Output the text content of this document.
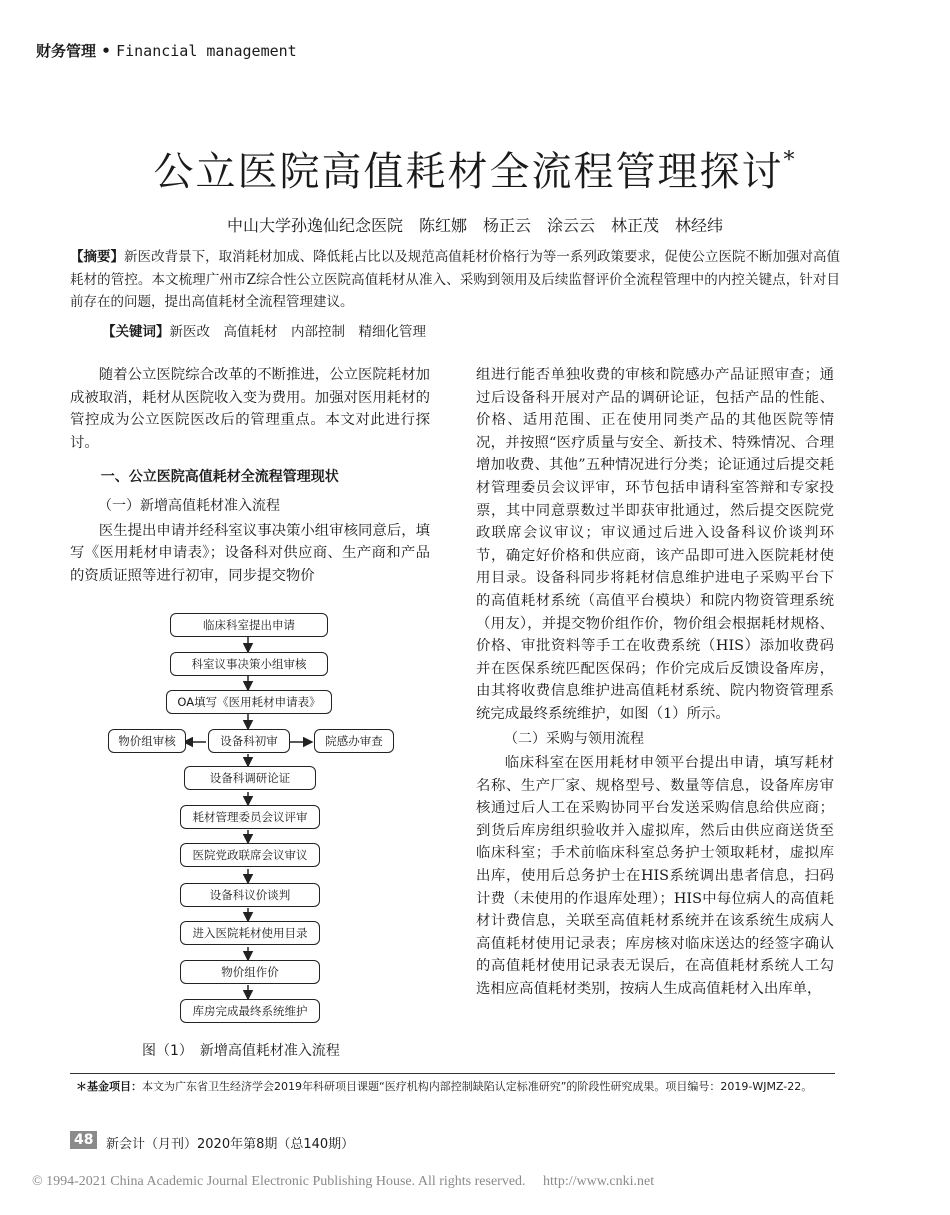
财务管理 • Financial management
公立医院高值耗材全流程管理探讨*
中山大学孙逸仙纪念医院　陈红娜　杨正云　涂云云　林正茂　林经纬
【摘要】新医改背景下，取消耗材加成、降低耗占比以及规范高值耗材价格行为等一系列政策要求，促使公立医院不断加强对高值耗材的管控。本文梳理广州市Z综合性公立医院高值耗材从准入、采购到领用及后续监督评价全流程管理中的内控关键点，针对目前存在的问题，提出高值耗材全流程管理建议。
【关键词】新医改　高值耗材　内部控制　精细化管理

随着公立医院综合改革的不断推进，公立医院耗材加成被取消，耗材从医院收入变为费用。加强对医用耗材的管控成为公立医院医改后的管理重点。本文对此进行探讨。

一、公立医院高值耗材全流程管理现状

（一）新增高值耗材准入流程

医生提出申请并经科室议事决策小组审核同意后，填写《医用耗材申请表》；设备科对供应商、生产商和产品的资质证照等进行初审，同步提交物价

临床科室提出申请
科室议事决策小组审核
OA填写《医用耗材申请表》
设备科初审
物价组审核	院感办审查
设备科调研论证
耗材管理委员会议评审
医院党政联席会议审议
设备科议价谈判
进入医院耗材使用目录
物价组作价
库房完成最终系统维护
图（1）　新增高值耗材准入流程

组进行能否单独收费的审核和院感办产品证照审查；通过后设备科开展对产品的调研论证，包括产品的性能、价格、适用范围、正在使用同类产品的其他医院等情况，并按照“医疗质量与安全、新技术、特殊情况、合理增加收费、其他”五种情况进行分类；论证通过后提交耗材管理委员会议评审，环节包括申请科室答辩和专家投票，其中同意票数过半即获审批通过，然后提交医院党政联席会议审议；审议通过后进入设备科议价谈判环节，确定好价格和供应商，该产品即可进入医院耗材使用目录。设备科同步将耗材信息维护进电子采购平台下的高值耗材系统（高值平台模块）和院内物资管理系统（用友），并提交物价组作价，物价组会根据耗材规格、价格、审批资料等手工在收费系统（HIS）添加收费码并在医保系统匹配医保码；作价完成后反馈设备库房，由其将收费信息维护进高值耗材系统、院内物资管理系统完成最终系统维护，如图（1）所示。

（二）采购与领用流程

临床科室在医用耗材申领平台提出申请，填写耗材名称、生产厂家、规格型号、数量等信息，设备库房审核通过后人工在采购协同平台发送采购信息给供应商；到货后库房组织验收并入虚拟库，然后由供应商送货至临床科室；手术前临床科室总务护士领取耗材，虚拟库出库，使用后总务护士在HIS系统调出患者信息，扫码计费（未使用的作退库处理）；HIS中每位病人的高值耗材计费信息，关联至高值耗材系统并在该系统生成病人高值耗材使用记录表；库房核对临床送达的经签字确认的高值耗材使用记录表无误后，在高值耗材系统人工勾选相应高值耗材类别，按病人生成高值耗材入出库单，

＊基金项目：本文为广东省卫生经济学会2019年科研项目课题“医疗机构内部控制缺陷认定标准研究”的阶段性研究成果。项目编号：2019-WJMZ-22。
48 新会计（月刊）2020年第8期（总140期）
© 1994-2021 China Academic Journal Electronic Publishing House. All rights reserved.　 http://www.cnki.net
